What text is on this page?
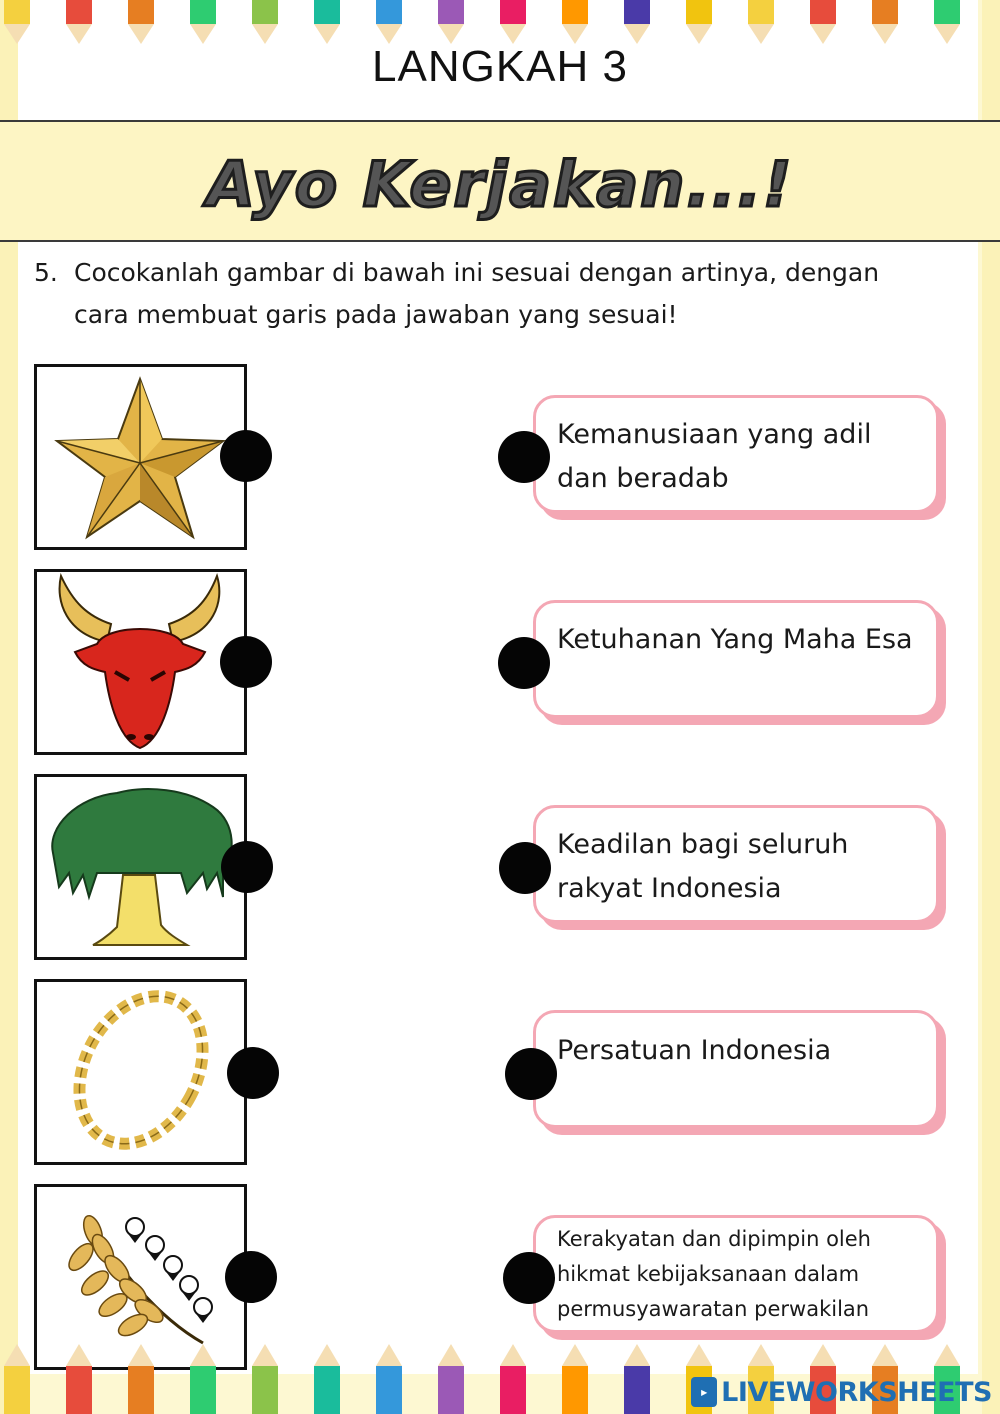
LANGKAH 3
Ayo Kerjakan...!
5. Cocokanlah gambar di bawah ini sesuai dengan artinya, dengan cara membuat garis pada jawaban yang sesuai!
Kemanusiaan yang adil dan beradab
Ketuhanan Yang Maha Esa
Keadilan bagi seluruh rakyat Indonesia
Persatuan Indonesia
Kerakyatan dan dipimpin oleh hikmat kebijaksanaan dalam permusyawaratan perwakilan
▶ LIVEWORKSHEETS
